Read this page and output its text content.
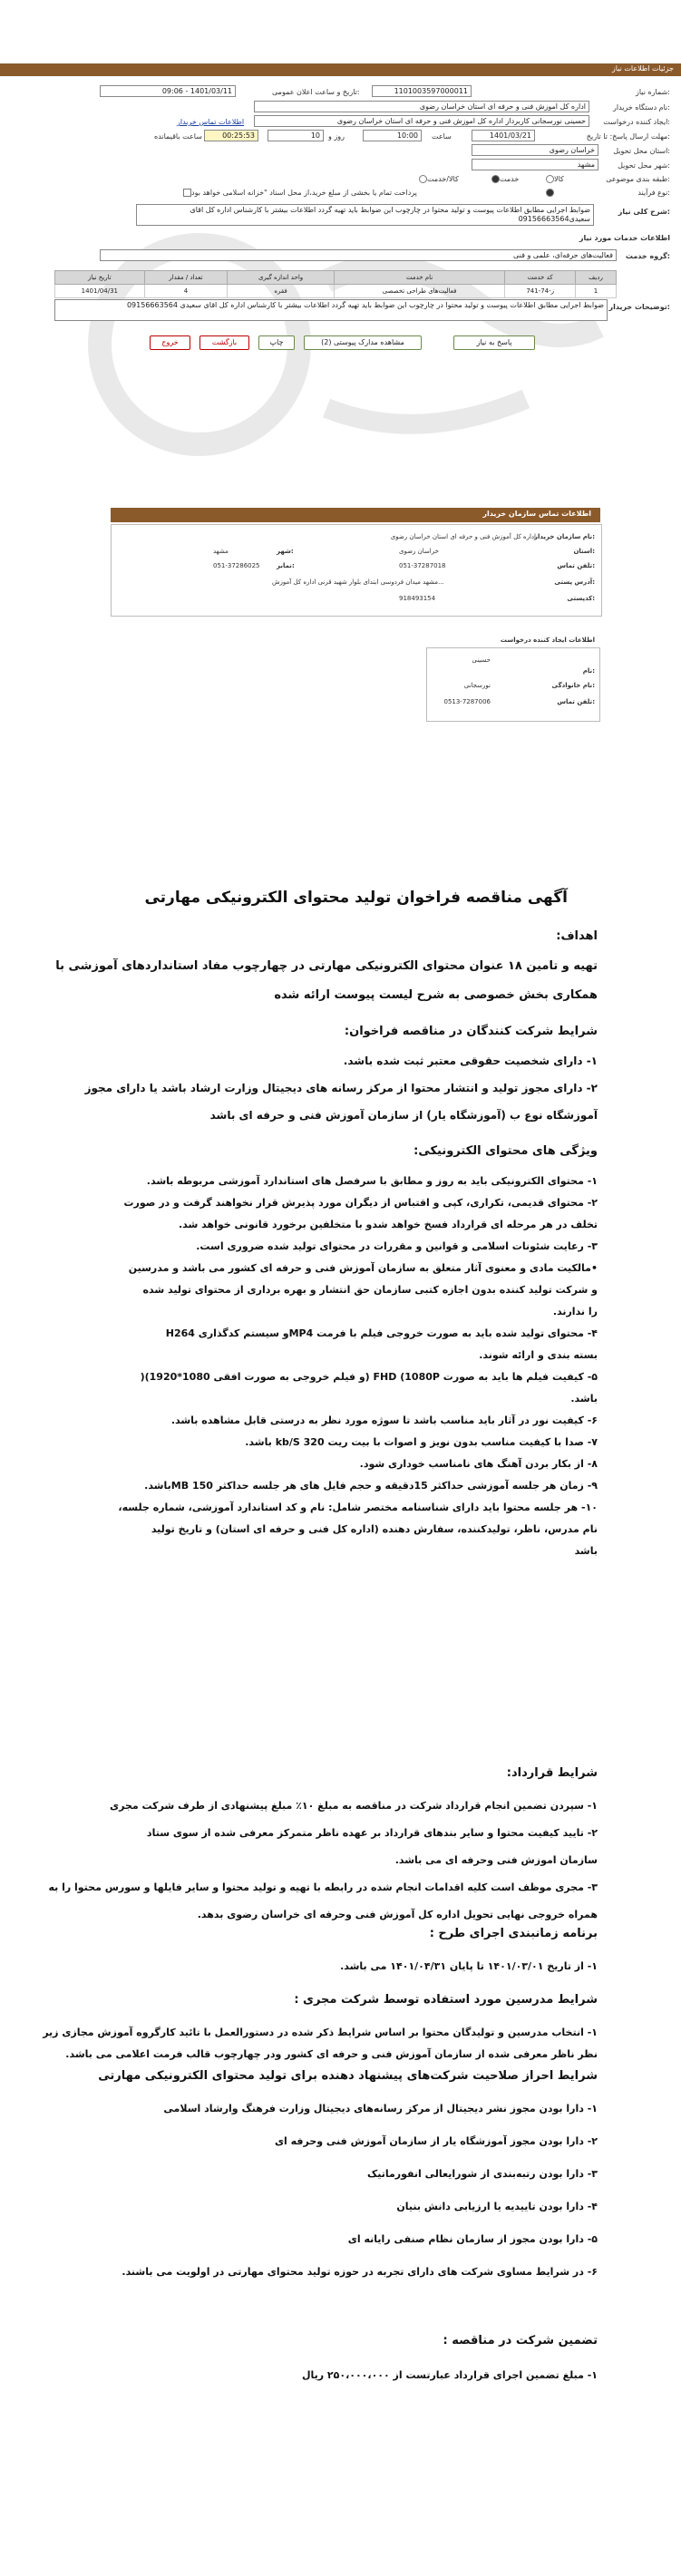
جزئیات اطلاعات نیاز
شماره نیاز:
1101003597000011
تاریخ و ساعت اعلان عمومی:
1401/03/11 - 09:06
نام دستگاه خریدار:
اداره کل اموزش فنی و حرفه ای استان خراسان رضوی
ایجاد کننده درخواست:
حسینی نورسجانی کاربرداز اداره کل اموزش فنی و حرفه ای استان خراسان رضوی
اطلاعات تماس خریدار
مهلت ارسال پاسخ: تا تاریخ:
1401/03/21
ساعت
10:00
روز و
10
00:25:53
ساعت باقیمانده
استان محل تحویل:
خراسان رضوی
شهر محل تحویل:
مشهد
طبقه بندی موضوعی:
کالا
خدمت
کالا/خدمت
نوع فرآیند:
پرداخت تمام یا بخشی از مبلغ خرید،از محل اسناد "خزانه اسلامی خواهد بود
شرح کلی نیاز:
ضوابط اجرایی مطابق اطلاعات پیوست و تولید محتوا در چارچوب این ضوابط باید تهیه گردد اطلاعات بیشتر با کارشناس اداره کل اقای سعیدی09156663564
اطلاعات خدمات مورد نیاز
گروه خدمت:
فعالیت‌های حرفه‌ای، علمی و فنی
ردیف	کد خدمت	نام خدمت	واحد اندازه گیری	تعداد / مقدار	تاریخ نیاز
1	ز-74-741	فعالیت‌های طراحی تخصصی	فقره	4	1401/04/31
توضیحات خریدار:
ضوابط اجرایی مطابق اطلاعات پیوست و تولید محتوا در چارچوب این ضوابط باید تهیه گردد اطلاعات بیشتر با کارشناس اداره کل اقای سعیدی 09156663564
پاسخ به نیاز
مشاهده مدارک پیوستی (2)
چاپ
بازگشت
خروج
اطلاعات تماس سازمان خریدار
نام سازمان خریدار:
اداره کل آموزش فنی و حرفه ای استان خراسان رضوی
استان:
خراسان رضوی
شهر:
مشهد
تلفن تماس:
051-37287018
نمابر:
051-37286025
آدرس پستی:
مشهد میدان فردوسی ابتدای بلوار شهید قرنی اداره کل آموزش...
کدپستی:
918493154
اطلاعات ایجاد کننده درخواست
نام:
حسینی
نام خانوادگی:
نورسجانی
تلفن تماس:
0513-7287006
آگهی مناقصه فراخوان تولید محتوای الکترونیکی مهارتی
اهداف:
تهیه و تامین ۱۸ عنوان محتوای الکترونیکی مهارتی در چهارچوب مفاد استانداردهای آموزشی با
همکاری بخش خصوصی به شرح لیست پیوست ارائه شده
شرایط شرکت کنندگان در مناقصه فراخوان:
۱- دارای شخصیت حقوقی معتبر ثبت شده باشد.
۲- دارای مجوز تولید و انتشار محتوا از مرکز رسانه های دیجیتال وزارت ارشاد باشد یا دارای مجوز
آموزشگاه نوع ب (آموزشگاه یار) از سازمان آموزش فنی و حرفه ای باشد
ویژگی های محتوای الکترونیکی:
۱- محتوای الکترونیکی باید به روز و مطابق با سرفصل های استاندارد آموزشی مربوطه باشد.
۲- محتوای قدیمی، تکراری، کپی و اقتباس از دیگران مورد پذیرش قرار نخواهند گرفت و در صورت
تخلف در هر مرحله ای قرارداد فسخ خواهد شدو با متخلفین برخورد قانونی خواهد شد.
۳- رعایت شئونات اسلامی و قوانین و مقررات در محتوای تولید شده ضروری است.
•مالکیت مادی و معنوی آثار متعلق به سازمان آموزش فنی و حرفه ای کشور می باشد و مدرسین
و شرکت تولید کننده بدون اجازه کتبی سازمان حق انتشار و بهره برداری از محتوای تولید شده
را ندارند.
۴- محتوای تولید شده باید به صورت خروجی فیلم با فرمت MP4و سیستم کدگذاری H264
بسته بندی و ارائه شوند.
۵- کیفیت فیلم ها باید به صورت FHD (1080P (و فیلم خروجی به صورت افقی 1080*1920)(
باشد.
۶- کیفیت نور در آثار باید مناسب باشد تا سوژه مورد نظر به درستی قابل مشاهده باشد.
۷- صدا با کیفیت مناسب بدون نویز و اصوات با بیت ریت kb/S 320 باشد.
۸- از بکار بردن آهنگ های نامناسب خوداری شود.
۹- زمان هر جلسه آموزشی حداکثر 15دقیقه و حجم فایل های هر جلسه حداکثر 150 MBباشد.
۱۰- هر جلسه محتوا باید دارای شناسنامه مختصر شامل: نام و کد استاندارد آموزشی، شماره جلسه،
نام مدرس، ناظر، تولیدکننده، سفارش دهنده (اداره کل فنی و حرفه ای استان) و تاریخ تولید
باشد
شرایط قرارداد:
۱- سپردن تضمین انجام قرارداد شرکت در مناقصه به مبلغ ۱۰٪ مبلغ پیشنهادی از طرف شرکت مجری
۲- تایید کیفیت محتوا و سایر بندهای قرارداد بر عهده ناظر متمرکز معرفی شده از سوی ستاد
سازمان اموزش فنی وحرفه ای می باشد.
۳- مجری موظف است کلیه اقدامات انجام شده در رابطه با تهیه و تولید محتوا و سایر فایلها و سورس محتوا را به
همراه خروجی نهایی تحویل اداره کل آموزش فنی وحرفه ای خراسان رضوی بدهد.
برنامه زمانبندی اجرای طرح :
۱- از تاریخ ۱۴۰۱/۰۳/۰۱ تا پایان ۱۴۰۱/۰۴/۳۱ می باشد.
شرایط مدرسین مورد استفاده توسط شرکت مجری :
۱- انتخاب مدرسین و تولیدگان محتوا بر اساس شرایط ذکر شده در دستورالعمل با تائید کارگروه آموزش مجازی زیر
نظر ناظر معرفی شده از سازمان آموزش فنی و حرفه ای کشور ودر چهارچوب قالب فرمت اعلامی می باشد.
شرایط احراز صلاحیت شرکت‌های پیشنهاد دهنده برای تولید محتوای الکترونیکی مهارتی
۱- دارا بودن مجوز نشر دیجیتال از مرکز رسانه‌های دیجیتال وزارت فرهنگ وارشاد اسلامی
۲- دارا بودن مجوز آموزشگاه یار از سازمان آموزش فنی وحرفه ای
۳- دارا بودن رتبه‌بندی از شورایعالی انفورماتیک
۴- دارا بودن تاییدیه یا ارزیابی دانش بنیان
۵- دارا بودن مجوز از سازمان نظام صنفی رایانه ای
۶- در شرایط مساوی شرکت های دارای تجربه در حوزه تولید محتوای مهارتی در اولویت می باشند.
تضمین شرکت در مناقصه :
۱- مبلغ تضمین اجرای قرارداد عبارتست از ۲۵۰،۰۰۰،۰۰۰ ریال
